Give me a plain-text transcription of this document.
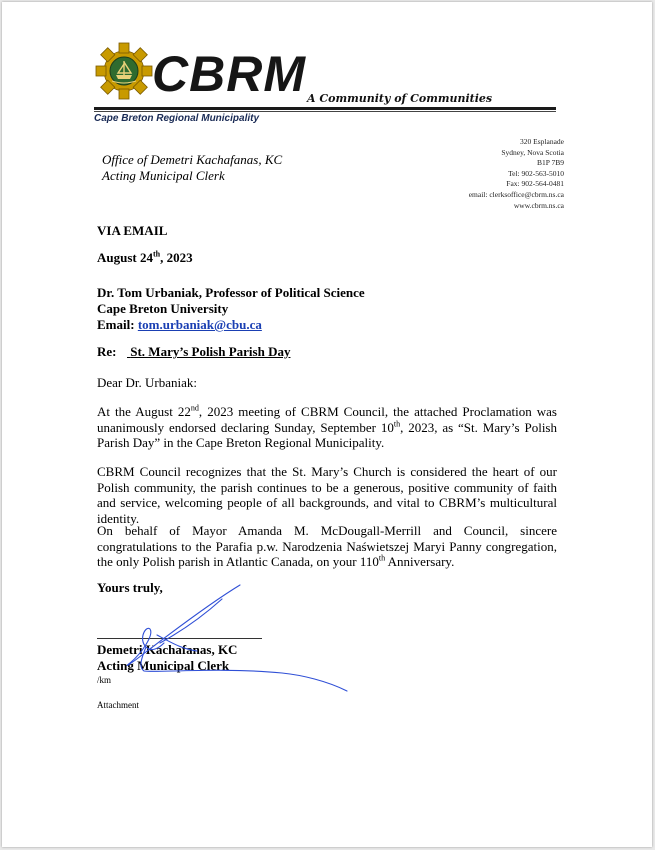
CBRM A Community of Communities
Cape Breton Regional Municipality
Office of Demetri Kachafanas, KC
Acting Municipal Clerk
320 Esplanade
Sydney, Nova Scotia
B1P 7B9
Tel: 902-563-5010
Fax: 902-564-0481
email: clerksoffice@cbrm.ns.ca
www.cbrm.ns.ca
VIA EMAIL
August 24th, 2023
Dr. Tom Urbaniak, Professor of Political Science
Cape Breton University
Email: tom.urbaniak@cbu.ca
Re: St. Mary’s Polish Parish Day
Dear Dr. Urbaniak:
At the August 22nd, 2023 meeting of CBRM Council, the attached Proclamation was unanimously endorsed declaring Sunday, September 10th, 2023, as “St. Mary’s Polish Parish Day” in the Cape Breton Regional Municipality.
CBRM Council recognizes that the St. Mary’s Church is considered the heart of our Polish community, the parish continues to be a generous, positive community of faith and service, welcoming people of all backgrounds, and vital to CBRM’s multicultural identity.
On behalf of Mayor Amanda M. McDougall-Merrill and Council, sincere congratulations to the Parafia p.w. Narodzenia Naświetszej Maryi Panny congregation, the only Polish parish in Atlantic Canada, on your 110th Anniversary.
Yours truly,
Demetri Kachafanas, KC
Acting Municipal Clerk
/km
Attachment
